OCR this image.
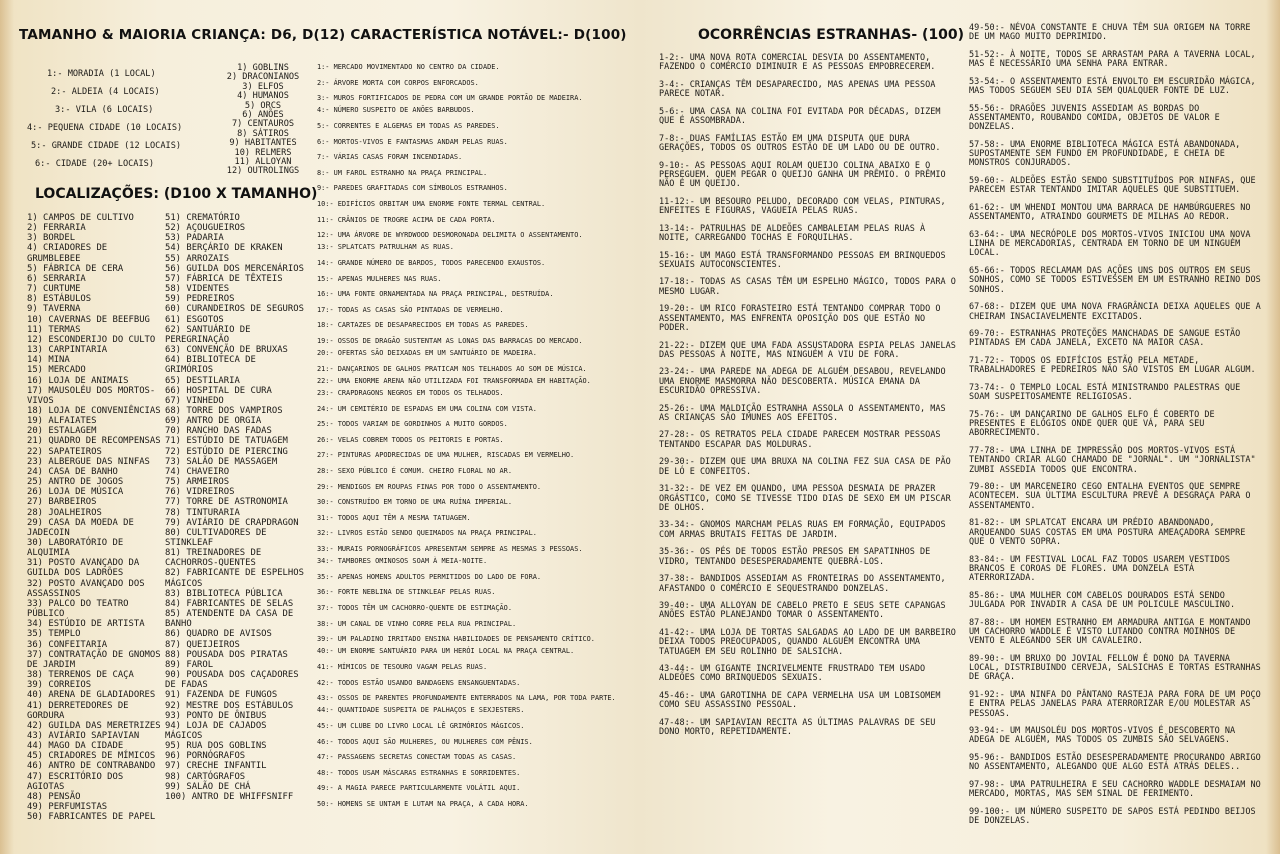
TAMANHO & MAIORIA CRIANÇA: D6, D(12) CARACTERÍSTICA NOTÁVEL:- D(100)
1:- MORADIA (1 LOCAL)
2:- ALDEIA (4 LOCAIS)
3:- VILA (6 LOCAIS)
4:- PEQUENA CIDADE (10 LOCAIS)
5:- GRANDE CIDADE (12 LOCAIS)
6:- CIDADE (20+ LOCAIS)
1) GOBLINS
2) DRACONIANOS
3) ELFOS
4) HUMANOS
5) ORCS
6) ANÕES
7) CENTAUROS
8) SÁTIROS
9) HABITANTES
10) RELMERS
11) ALLOYAN
12) OUTROLINGS
LOCALIZAÇÕES: (D100 X TAMANHO)
1) CAMPOS DE CULTIVO
2) FERRARIA
3) BORDEL
4) CRIADORES DE GRUMBLEBEE
5) FÁBRICA DE CERA
6) SERRARIA
7) CURTUME
8) ESTÁBULOS
9) TAVERNA
10) CAVERNAS DE BEEFBUG
11) TERMAS
12) ESCONDERIJO DO CULTO
13) CARPINTARIA
14) MINA
15) MERCADO
16) LOJA DE ANIMAIS
17) MAUSOLÉU DOS MORTOS-VIVOS
18) LOJA DE CONVENIÊNCIAS
19) ALFAIATES
20) ESTALAGEM
21) QUADRO DE RECOMPENSAS
22) SAPATEIROS
23) ALBERGUE DAS NINFAS
24) CASA DE BANHO
25) ANTRO DE JOGOS
26) LOJA DE MÚSICA
27) BARBEIROS
28) JOALHEIROS
29) CASA DA MOEDA DE JADECOIN
30) LABORATÓRIO DE ALQUIMIA
31) POSTO AVANÇADO DA GUILDA DOS LADRÕES
32) POSTO AVANÇADO DOS ASSASSINOS
33) PALCO DO TEATRO PÚBLICO
34) ESTÚDIO DE ARTISTA
35) TEMPLO
36) CONFEITARIA
37) CONTRATAÇÃO DE GNOMOS DE JARDIM
38) TERRENOS DE CAÇA
39) CORREIOS
40) ARENA DE GLADIADORES
41) DERRETEDORES DE GORDURA
42) GUILDA DAS MERETRIZES
43) AVIÁRIO SAPIAVIAN
44) MAGO DA CIDADE
45) CRIADORES DE MÍMICOS
46) ANTRO DE CONTRABANDO
47) ESCRITÓRIO DOS AGIOTAS
48) PENSÃO
49) PERFUMISTAS
50) FABRICANTES DE PAPEL
51) CREMATÓRIO
52) AÇOUGUEIROS
53) PADARIA
54) BERÇÁRIO DE KRAKEN
55) ARROZAIS
56) GUILDA DOS MERCENÁRIOS
57) FÁBRICA DE TÊXTEIS
58) VIDENTES
59) PEDREIROS
60) CURANDEIROS DE SEGUROS
61) ESGOTOS
62) SANTUÁRIO DE PEREGRINAÇÃO
63) CONVENÇÃO DE BRUXAS
64) BIBLIOTECA DE GRIMÓRIOS
65) DESTILARIA
66) HOSPITAL DE CURA
67) VINHEDO
68) TORRE DOS VAMPIROS
69) ANTRO DE ORGIA
70) RANCHO DAS FADAS
71) ESTÚDIO DE TATUAGEM
72) ESTÚDIO DE PIERCING
73) SALÃO DE MASSAGEM
74) CHAVEIRO
75) ARMEIROS
76) VIDREIROS
77) TORRE DE ASTRONOMIA
78) TINTURARIA
79) AVIÁRIO DE CRAPDRAGON
80) CULTIVADORES DE STINKLEAF
81) TREINADORES DE CACHORROS-QUENTES
82) FABRICANTE DE ESPELHOS MÁGICOS
83) BIBLIOTECA PÚBLICA
84) FABRICANTES DE SELAS
85) ATENDENTE DA CASA DE BANHO
86) QUADRO DE AVISOS
87) QUEIJEIROS
88) POUSADA DOS PIRATAS
89) FAROL
90) POUSADA DOS CAÇADORES DE FADAS
91) FAZENDA DE FUNGOS
92) MESTRE DOS ESTÁBULOS
93) PONTO DE ÔNIBUS
94) LOJA DE CAJADOS MÁGICOS
95) RUA DOS GOBLINS
96) PORNÓGRAFOS
97) CRECHE INFANTIL
98) CARTÓGRAFOS
99) SALÃO DE CHÁ
100) ANTRO DE WHIFFSNIFF
1:- MERCADO MOVIMENTADO NO CENTRO DA CIDADE.
2:- ÁRVORE MORTA COM CORPOS ENFORCADOS.
3:- MUROS FORTIFICADOS DE PEDRA COM UM GRANDE PORTÃO DE MADEIRA.
4:- NÚMERO SUSPEITO DE ANÕES BARBUDOS.
5:- CORRENTES E ALGEMAS EM TODAS AS PAREDES.
6:- MORTOS-VIVOS E FANTASMAS ANDAM PELAS RUAS.
7:- VÁRIAS CASAS FORAM INCENDIADAS.
8:- UM FAROL ESTRANHO NA PRAÇA PRINCIPAL.
9:- PAREDES GRAFITADAS COM SÍMBOLOS ESTRANHOS.
10:- EDIFÍCIOS ORBITAM UMA ENORME FONTE TERMAL CENTRAL.
11:- CRÂNIOS DE TROGRE ACIMA DE CADA PORTA.
12:- UMA ÁRVORE DE WYRDWOOD DESMORONADA DELIMITA O ASSENTAMENTO.
13:- SPLATCATS PATRULHAM AS RUAS.
14:- GRANDE NÚMERO DE BARDOS, TODOS PARECENDO EXAUSTOS.
15:- APENAS MULHERES NAS RUAS.
16:- UMA FONTE ORNAMENTADA NA PRAÇA PRINCIPAL, DESTRUÍDA.
17:- TODAS AS CASAS SÃO PINTADAS DE VERMELHO.
18:- CARTAZES DE DESAPARECIDOS EM TODAS AS PAREDES.
19:- OSSOS DE DRAGÃO SUSTENTAM AS LONAS DAS BARRACAS DO MERCADO.
20:- OFERTAS SÃO DEIXADAS EM UM SANTUÁRIO DE MADEIRA.
21:- DANÇARINOS DE GALHOS PRATICAM NOS TELHADOS AO SOM DE MÚSICA.
22:- UMA ENORME ARENA NÃO UTILIZADA FOI TRANSFORMADA EM HABITAÇÃO.
23:- CRAPDRAGONS NEGROS EM TODOS OS TELHADOS.
24:- UM CEMITÉRIO DE ESPADAS EM UMA COLINA COM VISTA.
25:- TODOS VARIAM DE GORDINHOS A MUITO GORDOS.
26:- VELAS COBREM TODOS OS PEITORIS E PORTAS.
27:- PINTURAS APODRECIDAS DE UMA MULHER, RISCADAS EM VERMELHO.
28:- SEXO PÚBLICO É COMUM. CHEIRO FLORAL NO AR.
29:- MENDIGOS EM ROUPAS FINAS POR TODO O ASSENTAMENTO.
30:- CONSTRUÍDO EM TORNO DE UMA RUÍNA IMPERIAL.
31:- TODOS AQUI TÊM A MESMA TATUAGEM.
32:- LIVROS ESTÃO SENDO QUEIMADOS NA PRAÇA PRINCIPAL.
33:- MURAIS PORNOGRÁFICOS APRESENTAM SEMPRE AS MESMAS 3 PESSOAS.
34:- TAMBORES OMINOSOS SOAM À MEIA-NOITE.
35:- APENAS HOMENS ADULTOS PERMITIDOS DO LADO DE FORA.
36:- FORTE NEBLINA DE STINKLEAF PELAS RUAS.
37:- TODOS TÊM UM CACHORRO-QUENTE DE ESTIMAÇÃO.
38:- UM CANAL DE VINHO CORRE PELA RUA PRINCIPAL.
39:- UM PALADINO IRRITADO ENSINA HABILIDADES DE PENSAMENTO CRÍTICO.
40:- UM ENORME SANTUÁRIO PARA UM HERÓI LOCAL NA PRAÇA CENTRAL.
41:- MÍMICOS DE TESOURO VAGAM PELAS RUAS.
42:- TODOS ESTÃO USANDO BANDAGENS ENSANGUENTADAS.
43:- OSSOS DE PARENTES PROFUNDAMENTE ENTERRADOS NA LAMA, POR TODA PARTE.
44:- QUANTIDADE SUSPEITA DE PALHAÇOS E SEXJESTERS.
45:- UM CLUBE DO LIVRO LOCAL LÊ GRIMÓRIOS MÁGICOS.
46:- TODOS AQUI SÃO MULHERES, OU MULHERES COM PÊNIS.
47:- PASSAGENS SECRETAS CONECTAM TODAS AS CASAS.
48:- TODOS USAM MÁSCARAS ESTRANHAS E SORRIDENTES.
49:- A MAGIA PARECE PARTICULARMENTE VOLÁTIL AQUI.
50:- HOMENS SE UNTAM E LUTAM NA PRAÇA, A CADA HORA.
OCORRÊNCIAS ESTRANHAS- (100)
1-2:- UMA NOVA ROTA COMERCIAL DESVIA DO ASSENTAMENTO, FAZENDO O COMÉRCIO DIMINUIR E AS PESSOAS EMPOBRECEREM.
3-4:- CRIANÇAS TÊM DESAPARECIDO, MAS APENAS UMA PESSOA PARECE NOTAR.
5-6:- UMA CASA NA COLINA FOI EVITADA POR DÉCADAS, DIZEM QUE É ASSOMBRADA.
7-8:- DUAS FAMÍLIAS ESTÃO EM UMA DISPUTA QUE DURA GERAÇÕES, TODOS OS OUTROS ESTÃO DE UM LADO OU DE OUTRO.
9-10:- AS PESSOAS AQUI ROLAM QUEIJO COLINA ABAIXO E O PERSEGUEM. QUEM PEGAR O QUEIJO GANHA UM PRÊMIO. O PRÊMIO NÃO É UM QUEIJO.
11-12:- UM BESOURO PELUDO, DECORADO COM VELAS, PINTURAS, ENFEITES E FIGURAS, VAGUEIA PELAS RUAS.
13-14:- PATRULHAS DE ALDEÕES CAMBALEIAM PELAS RUAS À NOITE, CARREGANDO TOCHAS E FORQUILHAS.
15-16:- UM MAGO ESTÁ TRANSFORMANDO PESSOAS EM BRINQUEDOS SEXUAIS AUTOCONSCIENTES.
17-18:- TODAS AS CASAS TÊM UM ESPELHO MÁGICO, TODOS PARA O MESMO LUGAR.
19-20:- UM RICO FORASTEIRO ESTÁ TENTANDO COMPRAR TODO O ASSENTAMENTO, MAS ENFRENTA OPOSIÇÃO DOS QUE ESTÃO NO PODER.
21-22:- DIZEM QUE UMA FADA ASSUSTADORA ESPIA PELAS JANELAS DAS PESSOAS À NOITE, MAS NINGUÉM A VIU DE FORA.
23-24:- UMA PAREDE NA ADEGA DE ALGUÉM DESABOU, REVELANDO UMA ENORME MASMORRA NÃO DESCOBERTA. MÚSICA EMANA DA ESCURIDÃO OPRESSIVA.
25-26:- UMA MALDIÇÃO ESTRANHA ASSOLA O ASSENTAMENTO, MAS AS CRIANÇAS SÃO IMUNES AOS EFEITOS.
27-28:- OS RETRATOS PELA CIDADE PARECEM MOSTRAR PESSOAS TENTANDO ESCAPAR DAS MOLDURAS.
29-30:- DIZEM QUE UMA BRUXA NA COLINA FEZ SUA CASA DE PÃO DE LÓ E CONFEITOS.
31-32:- DE VEZ EM QUANDO, UMA PESSOA DESMAIA DE PRAZER ORGÁSTICO, COMO SE TIVESSE TIDO DIAS DE SEXO EM UM PISCAR DE OLHOS.
33-34:- GNOMOS MARCHAM PELAS RUAS EM FORMAÇÃO, EQUIPADOS COM ARMAS BRUTAIS FEITAS DE JARDIM.
35-36:- OS PÉS DE TODOS ESTÃO PRESOS EM SAPATINHOS DE VIDRO, TENTANDO DESESPERADAMENTE QUEBRÁ-LOS.
37-38:- BANDIDOS ASSEDIAM AS FRONTEIRAS DO ASSENTAMENTO, AFASTANDO O COMÉRCIO E SEQUESTRANDO DONZELAS.
39-40:- UMA ALLOYAN DE CABELO PRETO E SEUS SETE CAPANGAS ANÕES ESTÃO PLANEJANDO TOMAR O ASSENTAMENTO.
41-42:- UMA LOJA DE TORTAS SALGADAS AO LADO DE UM BARBEIRO DEIXA TODOS PREOCUPADOS, QUANDO ALGUÉM ENCONTRA UMA TATUAGEM EM SEU ROLINHO DE SALSICHA.
43-44:- UM GIGANTE INCRIVELMENTE FRUSTRADO TEM USADO ALDEÕES COMO BRINQUEDOS SEXUAIS.
45-46:- UMA GAROTINHA DE CAPA VERMELHA USA UM LOBISOMEM COMO SEU ASSASSINO PESSOAL.
47-48:- UM SAPIAVIAN RECITA AS ÚLTIMAS PALAVRAS DE SEU DONO MORTO, REPETIDAMENTE.
49-50:- NÉVOA CONSTANTE E CHUVA TÊM SUA ORIGEM NA TORRE DE UM MAGO MUITO DEPRIMIDO.
51-52:- À NOITE, TODOS SE ARRASTAM PARA A TAVERNA LOCAL, MAS É NECESSÁRIO UMA SENHA PARA ENTRAR.
53-54:- O ASSENTAMENTO ESTÁ ENVOLTO EM ESCURIDÃO MÁGICA, MAS TODOS SEGUEM SEU DIA SEM QUALQUER FONTE DE LUZ.
55-56:- DRAGÕES JUVENIS ASSEDIAM AS BORDAS DO ASSENTAMENTO, ROUBANDO COMIDA, OBJETOS DE VALOR E DONZELAS.
57-58:- UMA ENORME BIBLIOTECA MÁGICA ESTÁ ABANDONADA, SUPOSTAMENTE SEM FUNDO EM PROFUNDIDADE, E CHEIA DE MONSTROS CONJURADOS.
59-60:- ALDEÕES ESTÃO SENDO SUBSTITUÍDOS POR NINFAS, QUE PARECEM ESTAR TENTANDO IMITAR AQUELES QUE SUBSTITUEM.
61-62:- UM WHENDI MONTOU UMA BARRACA DE HAMBÚRGUERES NO ASSENTAMENTO, ATRAINDO GOURMETS DE MILHAS AO REDOR.
63-64:- UMA NECRÓPOLE DOS MORTOS-VIVOS INICIOU UMA NOVA LINHA DE MERCADORIAS, CENTRADA EM TORNO DE UM NINGUÉM LOCAL.
65-66:- TODOS RECLAMAM DAS AÇÕES UNS DOS OUTROS EM SEUS SONHOS, COMO SE TODOS ESTIVESSEM EM UM ESTRANHO REINO DOS SONHOS.
67-68:- DIZEM QUE UMA NOVA FRAGRÂNCIA DEIXA AQUELES QUE A CHEIRAM INSACIAVELMENTE EXCITADOS.
69-70:- ESTRANHAS PROTEÇÕES MANCHADAS DE SANGUE ESTÃO PINTADAS EM CADA JANELA, EXCETO NA MAIOR CASA.
71-72:- TODOS OS EDIFÍCIOS ESTÃO PELA METADE, TRABALHADORES E PEDREIROS NÃO SÃO VISTOS EM LUGAR ALGUM.
73-74:- O TEMPLO LOCAL ESTÁ MINISTRANDO PALESTRAS QUE SOAM SUSPEITOSAMENTE RELIGIOSAS.
75-76:- UM DANÇARINO DE GALHOS ELFO É COBERTO DE PRESENTES E ELOGIOS ONDE QUER QUE VÁ, PARA SEU ABORRECIMENTO.
77-78:- UMA LINHA DE IMPRESSÃO DOS MORTOS-VIVOS ESTÁ TENTANDO CRIAR ALGO CHAMADO DE "JORNAL". UM "JORNALISTA" ZUMBI ASSEDIA TODOS QUE ENCONTRA.
79-80:- UM MARCENEIRO CEGO ENTALHA EVENTOS QUE SEMPRE ACONTECEM. SUA ÚLTIMA ESCULTURA PREVÊ A DESGRAÇA PARA O ASSENTAMENTO.
81-82:- UM SPLATCAT ENCARA UM PRÉDIO ABANDONADO, ARQUEANDO SUAS COSTAS EM UMA POSTURA AMEAÇADORA SEMPRE QUE O VENTO SOPRA.
83-84:- UM FESTIVAL LOCAL FAZ TODOS USAREM VESTIDOS BRANCOS E COROAS DE FLORES. UMA DONZELA ESTÁ ATERRORIZADA.
85-86:- UMA MULHER COM CABELOS DOURADOS ESTÁ SENDO JULGADA POR INVADIR A CASA DE UM POLICULE MASCULINO.
87-88:- UM HOMEM ESTRANHO EM ARMADURA ANTIGA E MONTANDO UM CACHORRO WADDLE É VISTO LUTANDO CONTRA MOINHOS DE VENTO E ALEGANDO SER UM CAVALEIRO.
89-90:- UM BRUXO DO JOVIAL FELLOW É DONO DA TAVERNA LOCAL, DISTRIBUINDO CERVEJA, SALSICHAS E TORTAS ESTRANHAS DE GRAÇA.
91-92:- UMA NINFA DO PÂNTANO RASTEJA PARA FORA DE UM POÇO E ENTRA PELAS JANELAS PARA ATERRORIZAR E/OU MOLESTAR AS PESSOAS.
93-94:- UM MAUSOLÉU DOS MORTOS-VIVOS É DESCOBERTO NA ADEGA DE ALGUÉM, MAS TODOS OS ZUMBIS SÃO SELVAGENS.
95-96:- BANDIDOS ESTÃO DESESPERADAMENTE PROCURANDO ABRIGO NO ASSENTAMENTO, ALEGANDO QUE ALGO ESTÁ ATRÁS DELES..
97-98:- UMA PATRULHEIRA E SEU CACHORRO WADDLE DESMAIAM NO MERCADO, MORTAS, MAS SEM SINAL DE FERIMENTO.
99-100:- UM NÚMERO SUSPEITO DE SAPOS ESTÁ PEDINDO BEIJOS DE DONZELAS.
